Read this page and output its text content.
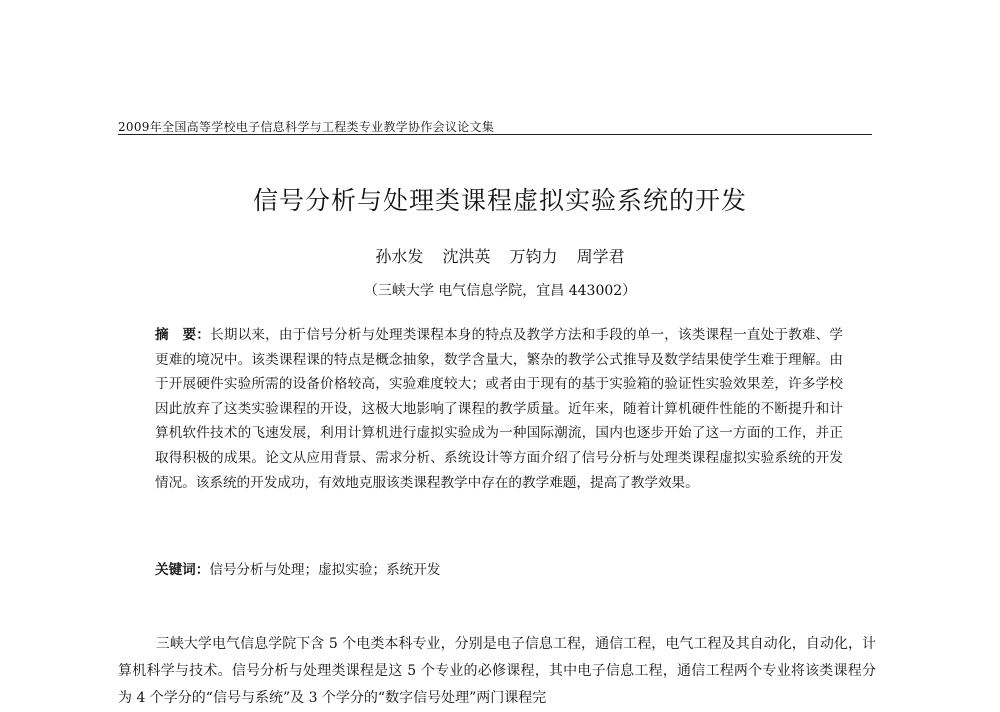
2009年全国高等学校电子信息科学与工程类专业教学协作会议论文集
信号分析与处理类课程虚拟实验系统的开发
孙水发 沈洪英 万钧力 周学君
（三峡大学 电气信息学院，宜昌 443002）
摘　要：长期以来，由于信号分析与处理类课程本身的特点及教学方法和手段的单一，该类课程一直处于教难、学更难的境况中。该类课程课的特点是概念抽象，数学含量大，繁杂的教学公式推导及数学结果使学生难于理解。由于开展硬件实验所需的设备价格较高，实验难度较大；或者由于现有的基于实验箱的验证性实验效果差，许多学校因此放弃了这类实验课程的开设，这极大地影响了课程的教学质量。近年来，随着计算机硬件性能的不断提升和计算机软件技术的飞速发展，利用计算机进行虚拟实验成为一种国际潮流，国内也逐步开始了这一方面的工作，并正取得积极的成果。论文从应用背景、需求分析、系统设计等方面介绍了信号分析与处理类课程虚拟实验系统的开发情况。该系统的开发成功，有效地克服该类课程教学中存在的教学难题，提高了教学效果。
关键词：信号分析与处理；虚拟实验；系统开发
三峡大学电气信息学院下含 5 个电类本科专业，分别是电子信息工程，通信工程，电气工程及其自动化，自动化，计算机科学与技术。信号分析与处理类课程是这 5 个专业的必修课程，其中电子信息工程，通信工程两个专业将该类课程分为 4 个学分的“信号与系统”及 3 个学分的“数字信号处理”两门课程完
